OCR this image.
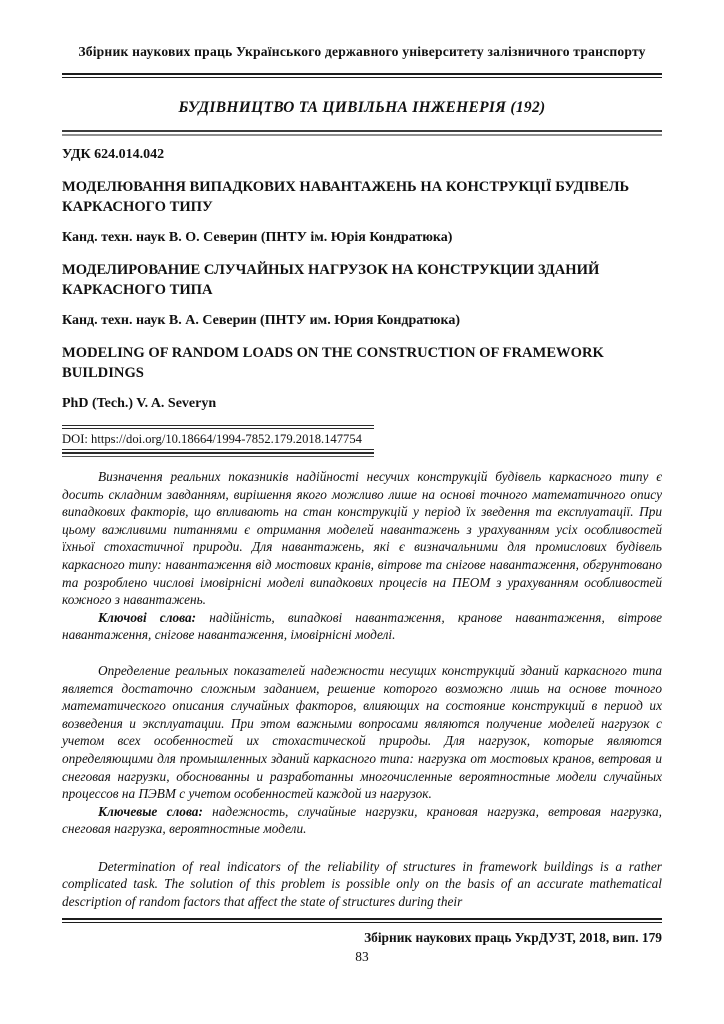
Збірник наукових праць Українського державного університету залізничного транспорту
БУДІВНИЦТВО ТА ЦИВІЛЬНА ІНЖЕНЕРІЯ (192)
УДК 624.014.042
МОДЕЛЮВАННЯ ВИПАДКОВИХ НАВАНТАЖЕНЬ НА КОНСТРУКЦІЇ БУДІВЕЛЬ КАРКАСНОГО ТИПУ
Канд. техн. наук В. О. Северин (ПНТУ ім. Юрія Кондратюка)
МОДЕЛИРОВАНИЕ СЛУЧАЙНЫХ НАГРУЗОК НА КОНСТРУКЦИИ ЗДАНИЙ КАРКАСНОГО ТИПА
Канд. техн. наук В. А. Северин (ПНТУ им. Юрия Кондратюка)
MODELING OF RANDOM LOADS ON THE CONSTRUCTION OF FRAMEWORK BUILDINGS
PhD (Tech.) V. A. Severyn
DOI: https://doi.org/10.18664/1994-7852.179.2018.147754

Визначення реальних показників надійності несучих конструкцій будівель каркасного типу є досить складним завданням, вирішення якого можливо лише на основі точного математичного опису випадкових факторів, що впливають на стан конструкцій у період їх зведення та експлуатації. При цьому важливими питаннями є отримання моделей навантажень з урахуванням усіх особливостей їхньої стохастичної природи. Для навантажень, які є визначальними для промислових будівель каркасного типу: навантаження від мостових кранів, вітрове та снігове навантаження, обгрунтовано та розроблено числові імовірнісні моделі випадкових процесів на ПЕОМ з урахуванням особливостей кожного з навантажень.

Ключові слова: надійність, випадкові навантаження, кранове навантаження, вітрове навантаження, снігове навантаження, імовірнісні моделі.

Определение реальных показателей надежности несущих конструкций зданий каркасного типа является достаточно сложным заданием, решение которого возможно лишь на основе точного математического описания случайных факторов, влияющих на состояние конструкций в период их возведения и эксплуатации. При этом важными вопросами являются получение моделей нагрузок с учетом всех особенностей их стохастической природы. Для нагрузок, которые являются определяющими для промышленных зданий каркасного типа: нагрузка от мостовых кранов, ветровая и снеговая нагрузки, обоснованны и разработанны многочисленные вероятностные модели случайных процессов на ПЭВМ с учетом особенностей каждой из нагрузок.

Ключевые слова: надежность, случайные нагрузки, крановая нагрузка, ветровая нагрузка, снеговая нагрузка, вероятностные модели.

Determination of real indicators of the reliability of structures in framework buildings is a rather complicated task. The solution of this problem is possible only on the basis of an accurate mathematical description of random factors that affect the state of structures during their

Збірник наукових праць УкрДУЗТ, 2018, вип. 179
83
